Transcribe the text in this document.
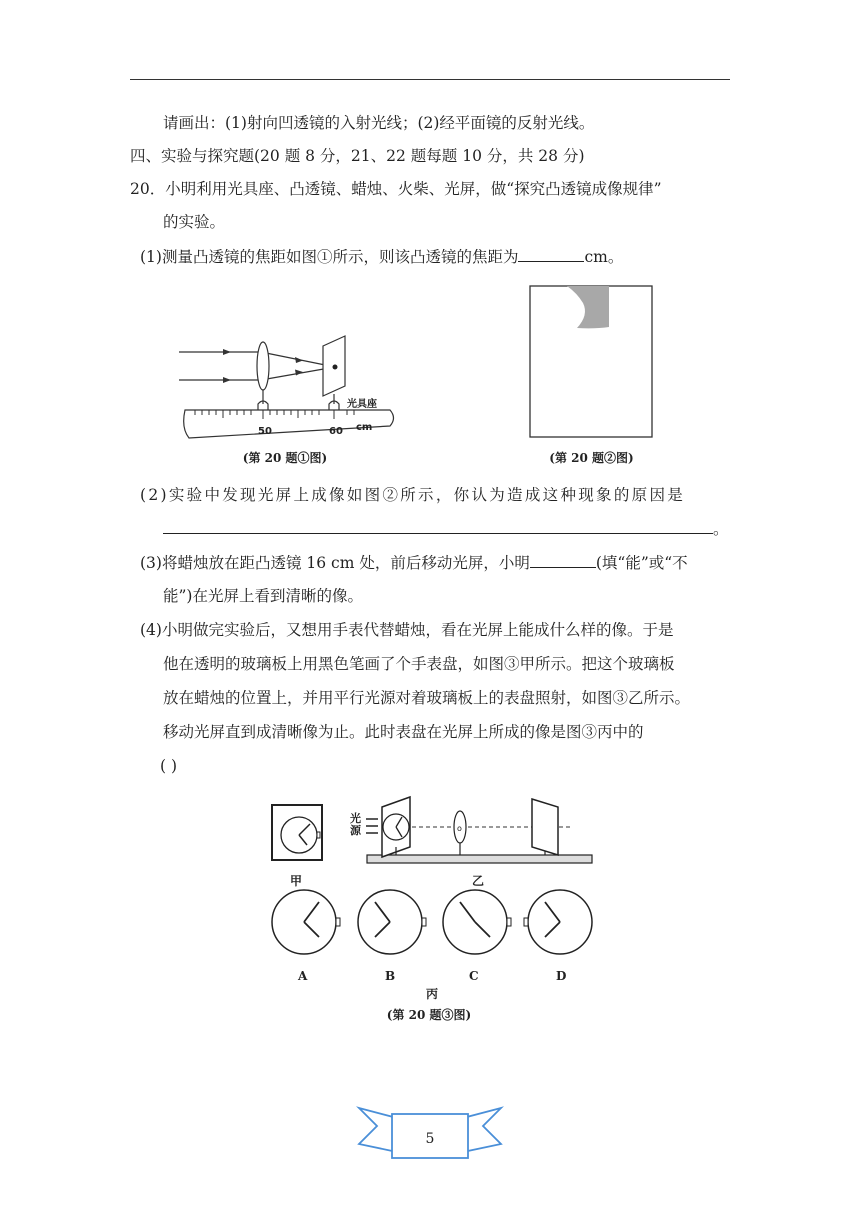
请画出：(1)射向凹透镜的入射光线；(2)经平面镜的反射光线。
四、实验与探究题(20 题 8 分，21、22 题每题 10 分，共 28 分)
20．小明利用光具座、凸透镜、蜡烛、火柴、光屏，做“探究凸透镜成像规律”
的实验。
(1)测量凸透镜的焦距如图①所示，则该凸透镜的焦距为	cm。
50	60 cm
光具座
(第 20 题①图)	(第 20 题②图)
(2)实验中发现光屏上成像如图②所示，你认为造成这种现象的原因是
。
(3)将蜡烛放在距凸透镜 16 cm 处，前后移动光屏，小明	(填“能”或“不
能”)在光屏上看到清晰的像。
(4)小明做完实验后，又想用手表代替蜡烛，看在光屏上能成什么样的像。于是
他在透明的玻璃板上用黑色笔画了个手表盘，如图③甲所示。把这个玻璃板
放在蜡烛的位置上，并用平行光源对着玻璃板上的表盘照射，如图③乙所示。
移动光屏直到成清晰像为止。此时表盘在光屏上所成的像是图③丙中的
( )
o
甲	乙
光源
A	B	C	D
丙
(第 20 题③图)
5
